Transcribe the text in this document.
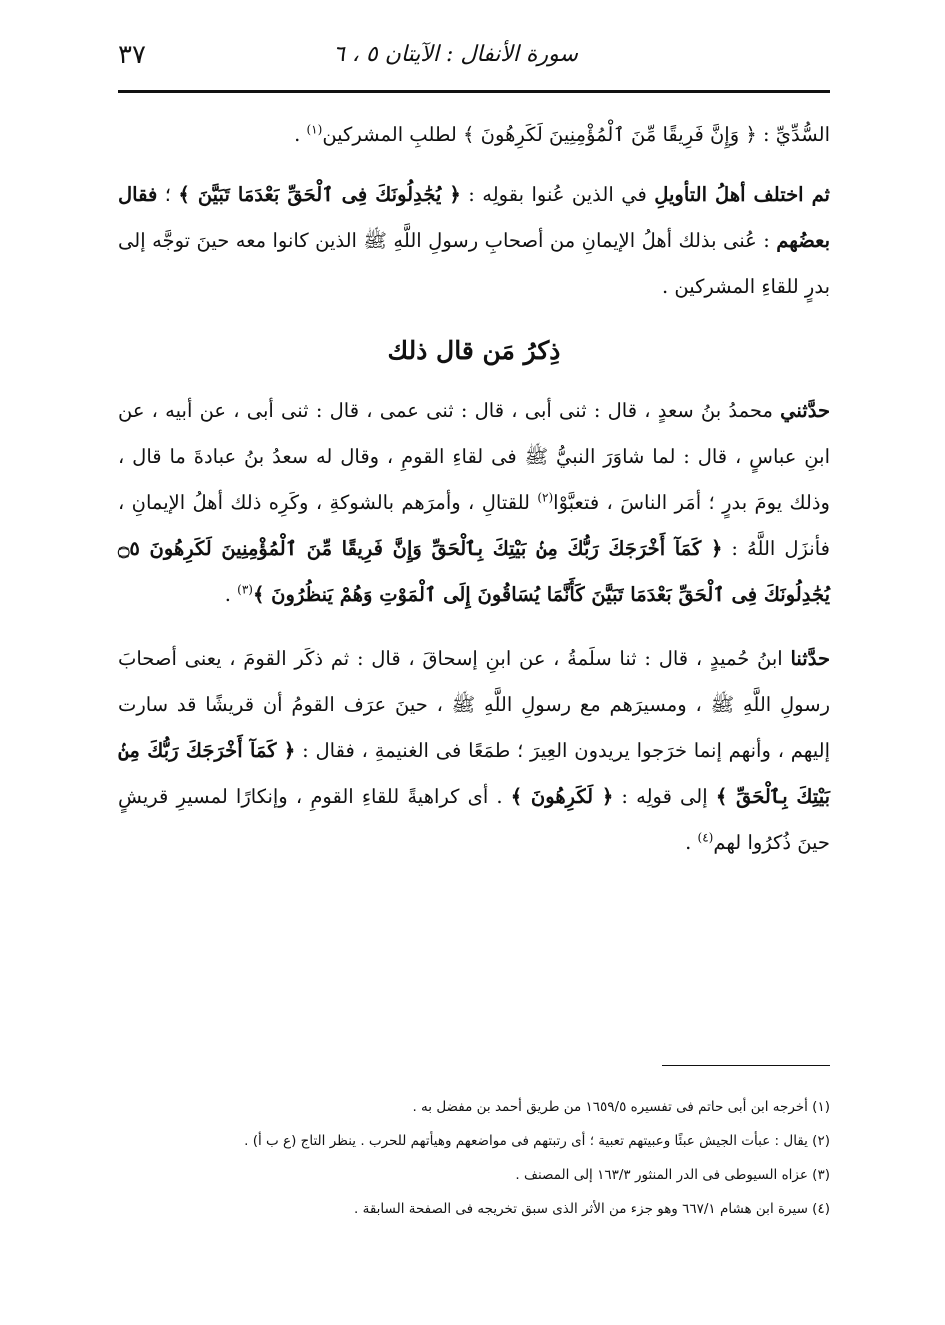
٣٧	سورة الأنفال : الآيتان ٥ ، ٦

السُّدِّيِّ : ﴿ وَإِنَّ فَرِيقًا مِّنَ ٱلْمُؤْمِنِينَ لَكَرِهُونَ ﴾ لطلبِ المشركين$^{(١)}$ .

ثم اختلف أهلُ التأويلِ في الذين عُنوا بقولِه : ﴿ يُجَٰدِلُونَكَ فِى ٱلْحَقِّ بَعْدَمَا تَبَيَّنَ ﴾ ؛ فقال بعضُهم : عُنى بذلك أهلُ الإيمانِ من أصحابِ رسولِ اللَّهِ ﷺ الذين كانوا معه حينَ توجَّه إلى بدرٍ للقاءِ المشركين .

ذِكرُ مَن قال ذلك

حدَّثني محمدُ بنُ سعدٍ ، قال : ثنى أبى ، قال : ثنى عمى ، قال : ثنى أبى ، عن أبيه ، عن ابنِ عباسٍ ، قال : لما شاوَرَ النبيُّ ﷺ فى لقاءِ القومِ ، وقال له سعدُ بنُ عبادةَ ما قال ، وذلك يومَ بدرٍ ؛ أمَر الناسَ ، فتعبَّوْا$^{(٢)}$ للقتالِ ، وأمرَهم بالشوكةِ ، وكَرِه ذلك أهلُ الإيمانِ ، فأنزَل اللَّهُ : ﴿ كَمَآ أَخْرَجَكَ رَبُّكَ مِنۢ بَيْتِكَ بِٱلْحَقِّ وَإِنَّ فَرِيقًا مِّنَ ٱلْمُؤْمِنِينَ لَكَرِهُونَ ۝٥ يُجَٰدِلُونَكَ فِى ٱلْحَقِّ بَعْدَمَا تَبَيَّنَ كَأَنَّمَا يُسَاقُونَ إِلَى ٱلْمَوْتِ وَهُمْ يَنظُرُونَ ﴾$^{(٣)}$ .

حدَّثنا ابنُ حُميدٍ ، قال : ثنا سلَمةُ ، عن ابنِ إسحاقَ ، قال : ثم ذكَر القومَ ، يعنى أصحابَ رسولِ اللَّهِ ﷺ ، ومسيرَهم مع رسولِ اللَّهِ ﷺ ، حينَ عرَف القومُ أن قريشًا قد سارت إليهم ، وأنهم إنما خرَجوا يريدون العِيرَ ؛ طمَعًا فى الغنيمةِ ، فقال : ﴿ كَمَآ أَخْرَجَكَ رَبُّكَ مِنۢ بَيْتِكَ بِٱلْحَقِّ ﴾ إلى قولِه : ﴿ لَكَرِهُونَ ﴾ . أى كراهيةً للقاءِ القومِ ، وإنكارًا لمسيرِ قريشٍ حينَ ذُكرُوا لهم$^{(٤)}$ .

(١) أخرجه ابن أبى حاتم فى تفسيره ١٦٥٩/٥ من طريق أحمد بن مفضل به .

(٢) يقال : عبأت الجيش عبئًا وعبيتهم تعبية ؛ أى رتبتهم فى مواضعهم وهيأتهم للحرب . ينظر التاج (ع ب أ) .

(٣) عزاه السيوطى فى الدر المنثور ١٦٣/٣ إلى المصنف .

(٤) سيرة ابن هشام ٦٦٧/١ وهو جزء من الأثر الذى سبق تخريجه فى الصفحة السابقة .
